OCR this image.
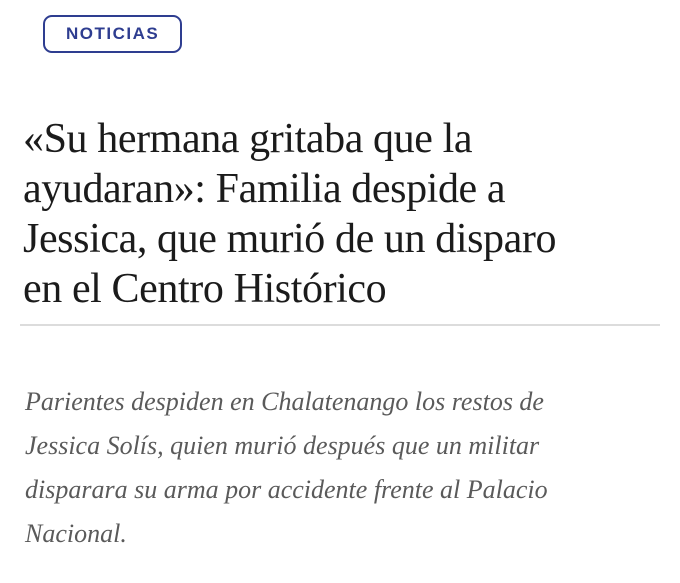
NOTICIAS
«Su hermana gritaba que la
ayudaran»: Familia despide a
Jessica, que murió de un disparo
en el Centro Histórico

Parientes despiden en Chalatenango los restos de
Jessica Solís, quien murió después que un militar
disparara su arma por accidente frente al Palacio
Nacional.
